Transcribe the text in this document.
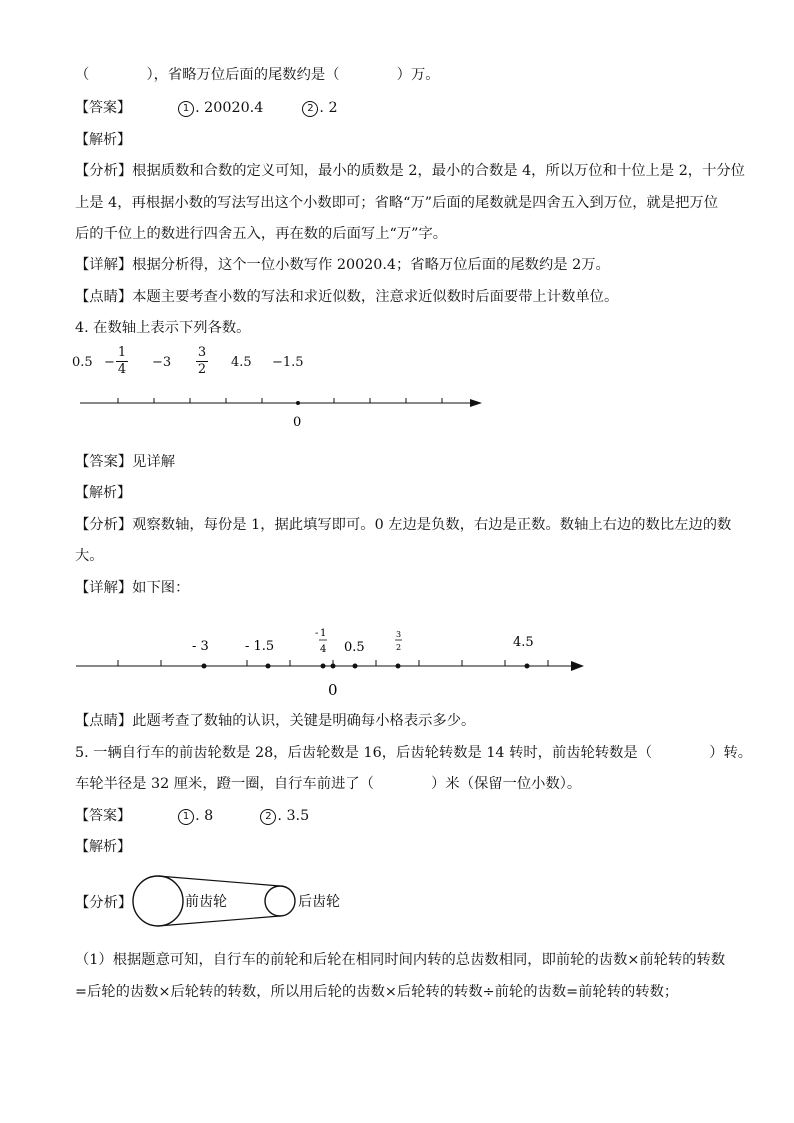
（　　　　），省略万位后面的尾数约是（　　　　）万。
【答案】	1 . 20020.4	2 . 2
【解析】
【分析】根据质数和合数的定义可知，最小的质数是 2，最小的合数是 4，所以万位和十位上是 2，十分位
上是 4，再根据小数的写法写出这个小数即可；省略“万”后面的尾数就是四舍五入到万位，就是把万位
后的千位上的数进行四舍五入，再在数的后面写上“万”字。
【详解】根据分析得，这个一位小数写作 20020.4；省略万位后面的尾数约是 2万。
【点睛】本题主要考查小数的写法和求近似数，注意求近似数时后面要带上计数单位。
4. 在数轴上表示下列各数。
0.5 −
1
4 −3
3
2 4.5 −1.5
0
【答案】见详解
【解析】
【分析】观察数轴，每份是 1，据此填写即可。0 左边是负数，右边是正数。数轴上右边的数比左边的数
大。
【详解】如下图：
- 3	- 1.5
- 1
4 0.5
3
2	4.5
0
【点睛】此题考查了数轴的认识，关键是明确每小格表示多少。
5. 一辆自行车的前齿轮数是 28，后齿轮数是 16，后齿轮转数是 14 转时，前齿轮转数是（　　　　）转。
车轮半径是 32 厘米，蹬一圈，自行车前进了（　　　　）米（保留一位小数）。
【答案】	1 . 8	2 . 3.5
【解析】
【分析】	前齿轮	后齿轮
（1）根据题意可知，自行车的前轮和后轮在相同时间内转的总齿数相同，即前轮的齿数×前轮转的转数
=后轮的齿数×后轮转的转数，所以用后轮的齿数×后轮转的转数÷前轮的齿数=前轮转的转数；
